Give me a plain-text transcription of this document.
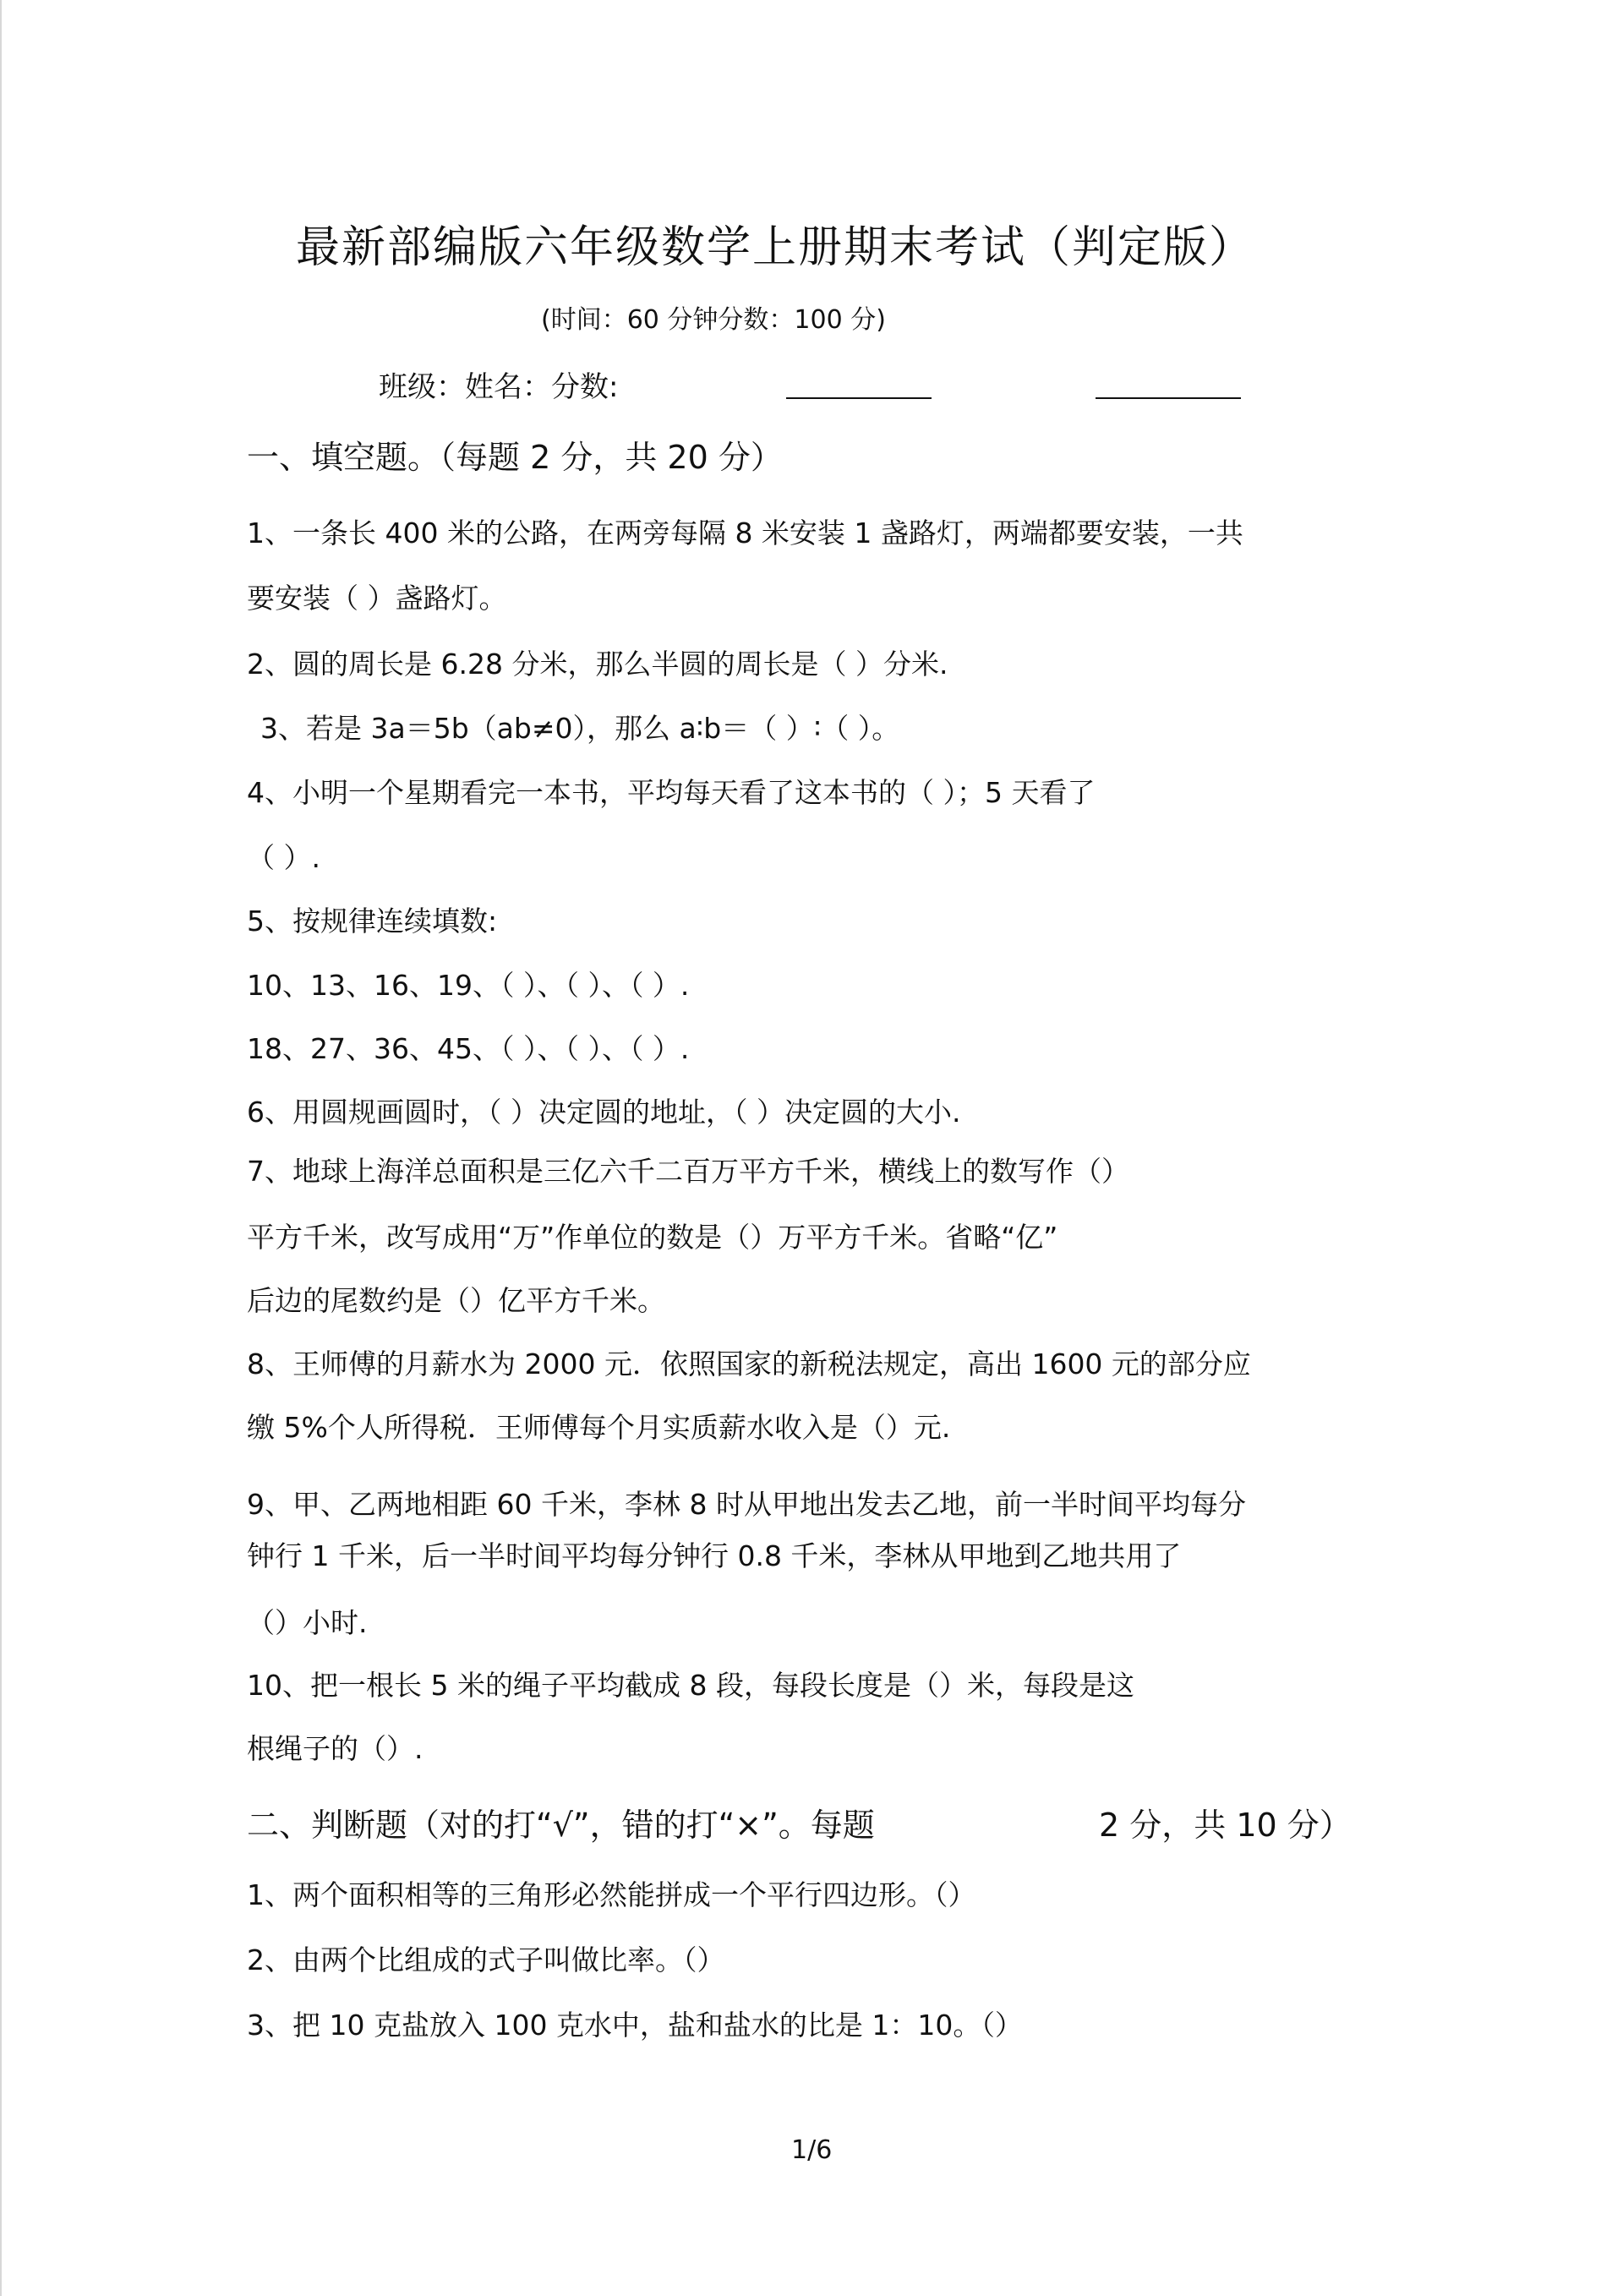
最新部编版六年级数学上册期末考试（判定版）
(时间：60 分钟分数：100 分)
班级：姓名：分数:
一、填空题。（每题 2 分，共 20 分）
1、一条长 400 米的公路，在两旁每隔 8 米安装 1 盏路灯，两端都要安装，一共
要安装（ ）盏路灯。
2、圆的周长是 6.28 分米，那么半圆的周长是（ ）分米.
3、若是 3a＝5b（ab≠0），那么 a∶b＝（ ）∶（ ）。
4、小明一个星期看完一本书，平均每天看了这本书的（ ）；5 天看了
（ ）.
5、按规律连续填数:
10、13、16、19、（ ）、（ ）、（ ）.
18、27、36、45、（ ）、（ ）、（ ）.
6、用圆规画圆时，（ ）决定圆的地址，（ ）决定圆的大小.
7、地球上海洋总面积是三亿六千二百万平方千米，横线上的数写作（）
平方千米，改写成用“万”作单位的数是（）万平方千米。省略“亿”
后边的尾数约是（）亿平方千米。
8、王师傅的月薪水为 2000 元．依照国家的新税法规定，高出 1600 元的部分应
缴 5%个人所得税．王师傅每个月实质薪水收入是（）元.
9、甲、乙两地相距 60 千米，李林 8 时从甲地出发去乙地，前一半时间平均每分
钟行 1 千米，后一半时间平均每分钟行 0.8 千米，李林从甲地到乙地共用了
（）小时.
10、把一根长 5 米的绳子平均截成 8 段，每段长度是（）米，每段是这
根绳子的（）.
二、判断题（对的打“√”，错的打“×”。每题	2 分，共 10 分）
1、两个面积相等的三角形必然能拼成一个平行四边形。（）
2、由两个比组成的式子叫做比率。（）
3、把 10 克盐放入 100 克水中，盐和盐水的比是 1：10。（）
1/6
